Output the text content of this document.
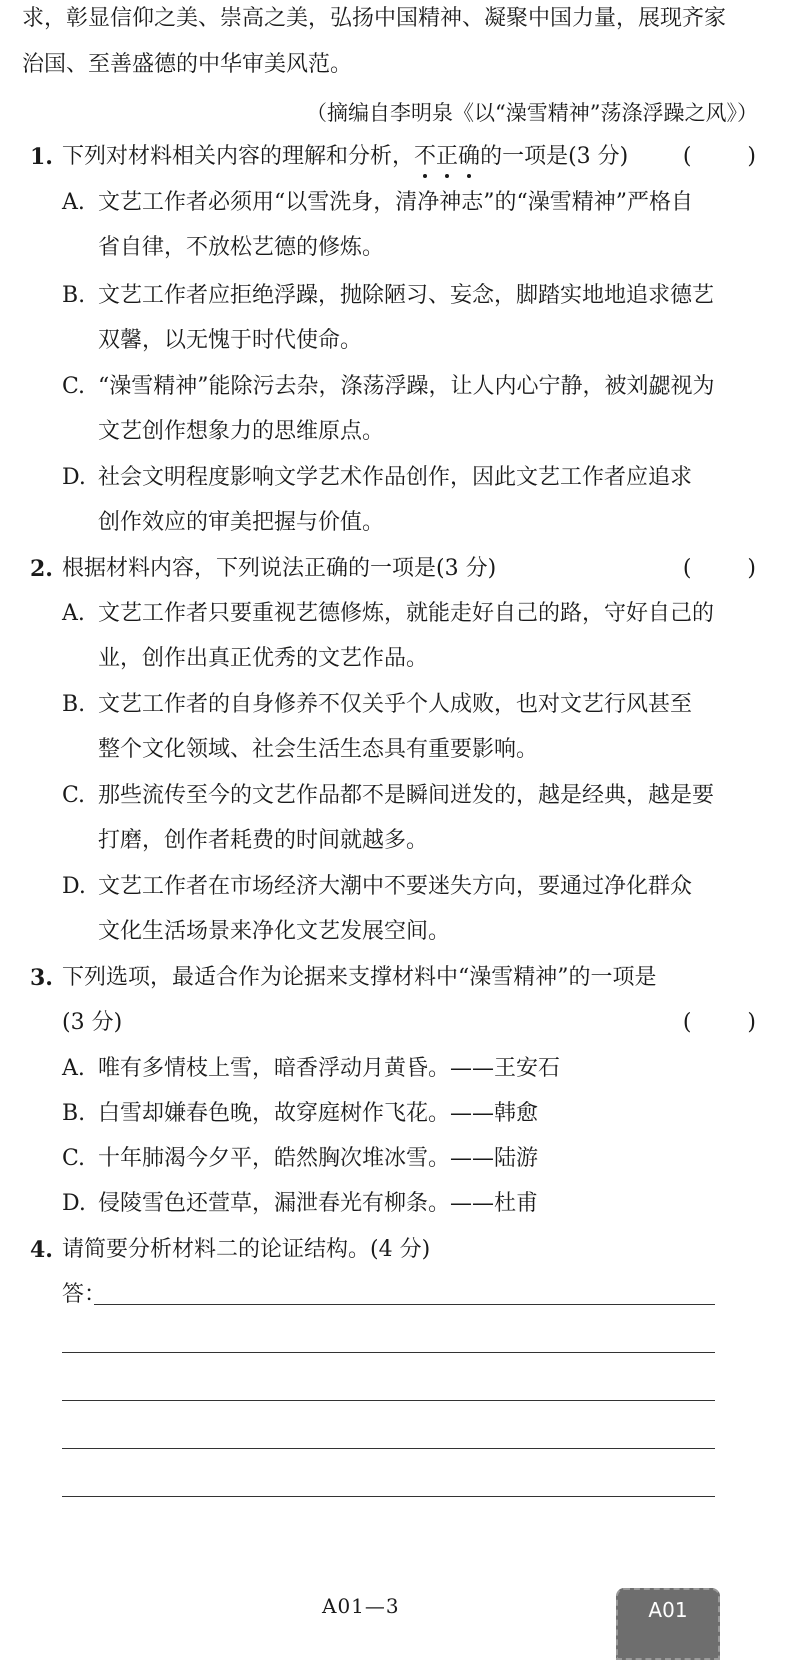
求，彰显信仰之美、崇高之美，弘扬中国精神、凝聚中国力量，展现齐家
治国、至善盛德的中华审美风范。
（摘编自李明泉《以“澡雪精神”荡涤浮躁之风》）
1. 下列对材料相关内容的理解和分析，不正确的一项是(3 分) (        )
A. 文艺工作者必须用“以雪洗身，清净神志”的“澡雪精神”严格自
省自律，不放松艺德的修炼。
B. 文艺工作者应拒绝浮躁，抛除陋习、妄念，脚踏实地地追求德艺
双馨，以无愧于时代使命。
C. “澡雪精神”能除污去杂，涤荡浮躁，让人内心宁静，被刘勰视为
文艺创作想象力的思维原点。
D. 社会文明程度影响文学艺术作品创作，因此文艺工作者应追求
创作效应的审美把握与价值。
2. 根据材料内容，下列说法正确的一项是(3 分)	(        )
A. 文艺工作者只要重视艺德修炼，就能走好自己的路，守好自己的
业，创作出真正优秀的文艺作品。
B. 文艺工作者的自身修养不仅关乎个人成败，也对文艺行风甚至
整个文化领域、社会生活生态具有重要影响。
C. 那些流传至今的文艺作品都不是瞬间迸发的，越是经典，越是要
打磨，创作者耗费的时间就越多。
D. 文艺工作者在市场经济大潮中不要迷失方向，要通过净化群众
文化生活场景来净化文艺发展空间。
3. 下列选项，最适合作为论据来支撑材料中“澡雪精神”的一项是
(3 分)	(        )
A. 唯有多情枝上雪，暗香浮动月黄昏。——王安石
B. 白雪却嫌春色晚，故穿庭树作飞花。——韩愈
C. 十年肺渴今夕平，皓然胸次堆冰雪。——陆游
D. 侵陵雪色还萱草，漏泄春光有柳条。——杜甫
4. 请简要分析材料二的论证结构。(4 分)
答：
A01—3	A01
